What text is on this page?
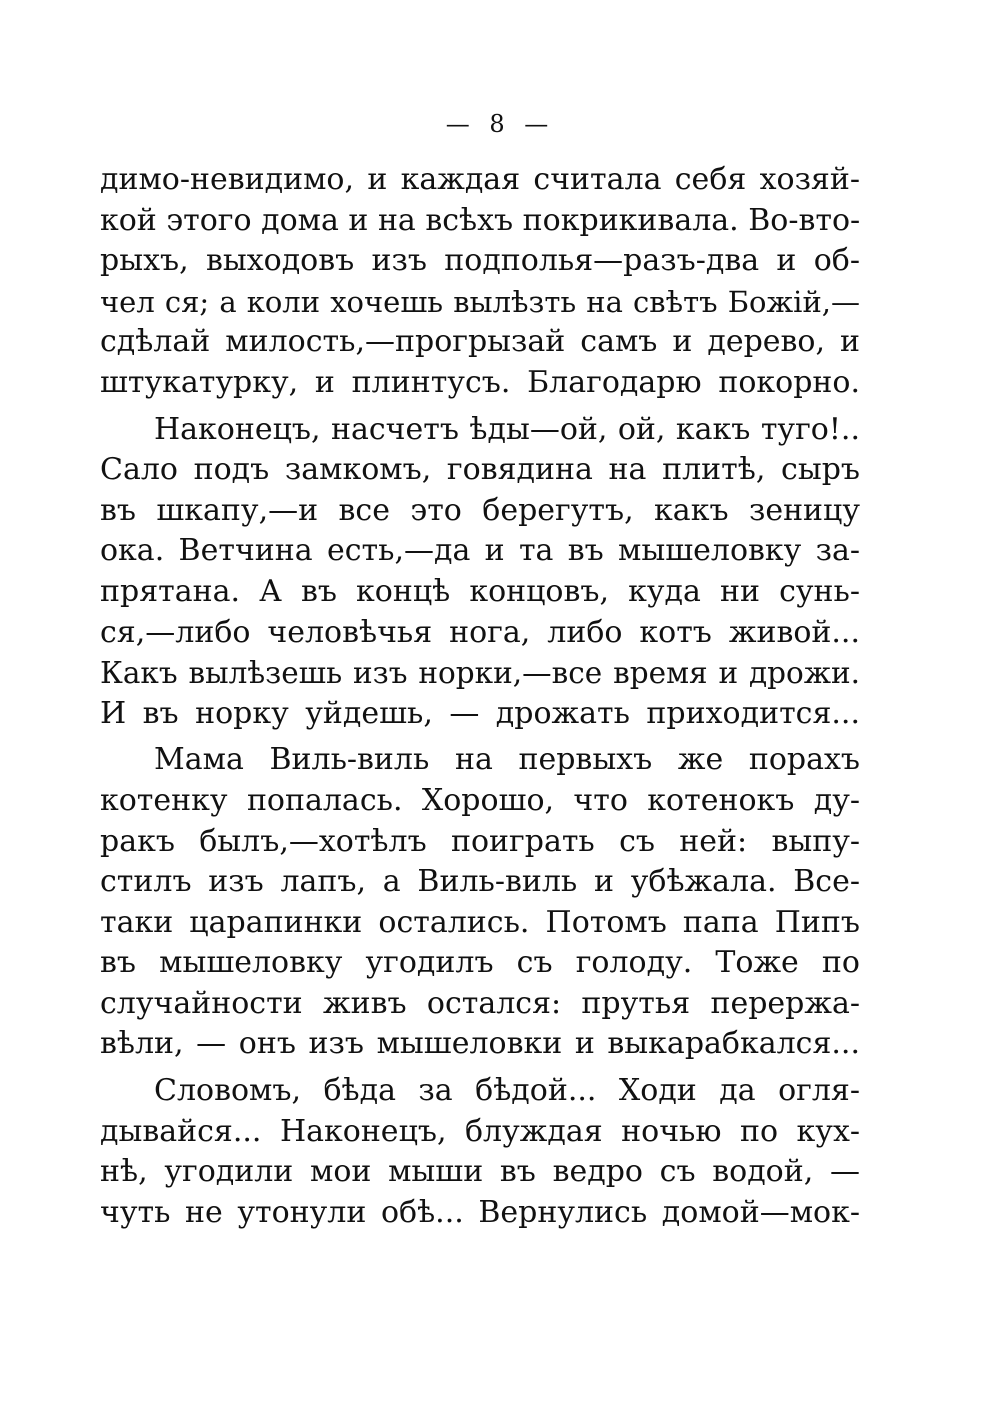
— 8 —
димо-невидимо, и каждая считала себя хозяй-
кой этого дома и на всѣхъ покрикивала. Во-вто-
рыхъ, выходовъ изъ подполья—разъ-два и об-
чел ся; а коли хочешь вылѣзть на свѣтъ Божій,—
сдѣлай милость,—прогрызай самъ и дерево, и
штукатурку, и плинтусъ. Благодарю покорно.
Наконецъ, насчетъ ѣды—ой, ой, какъ туго!..
Сало подъ замкомъ, говядина на плитѣ, сыръ
въ шкапу,—и все это берегутъ, какъ зеницу
ока. Ветчина есть,—да и та въ мышеловку за-
прятана. А въ концѣ концовъ, куда ни сунь-
ся,—либо человѣчья нога, либо котъ живой...
Какъ вылѣзешь изъ норки,—все время и дрожи.
И въ норку уйдешь, — дрожать приходится...
Мама Виль-виль на первыхъ же порахъ
котенку попалась. Хорошо, что котенокъ ду-
ракъ былъ,—хотѣлъ поиграть съ ней: выпу-
стилъ изъ лапъ, а Виль-виль и убѣжала. Все-
таки царапинки остались. Потомъ папа Пипъ
въ мышеловку угодилъ съ голоду. Тоже по
случайности живъ остался: прутья перержа-
вѣли, — онъ изъ мышеловки и выкарабкался...
Словомъ, бѣда за бѣдой... Ходи да огля-
дывайся... Наконецъ, блуждая ночью по кух-
нѣ, угодили мои мыши въ ведро съ водой, —
чуть не утонули обѣ... Вернулись домой—мок-
